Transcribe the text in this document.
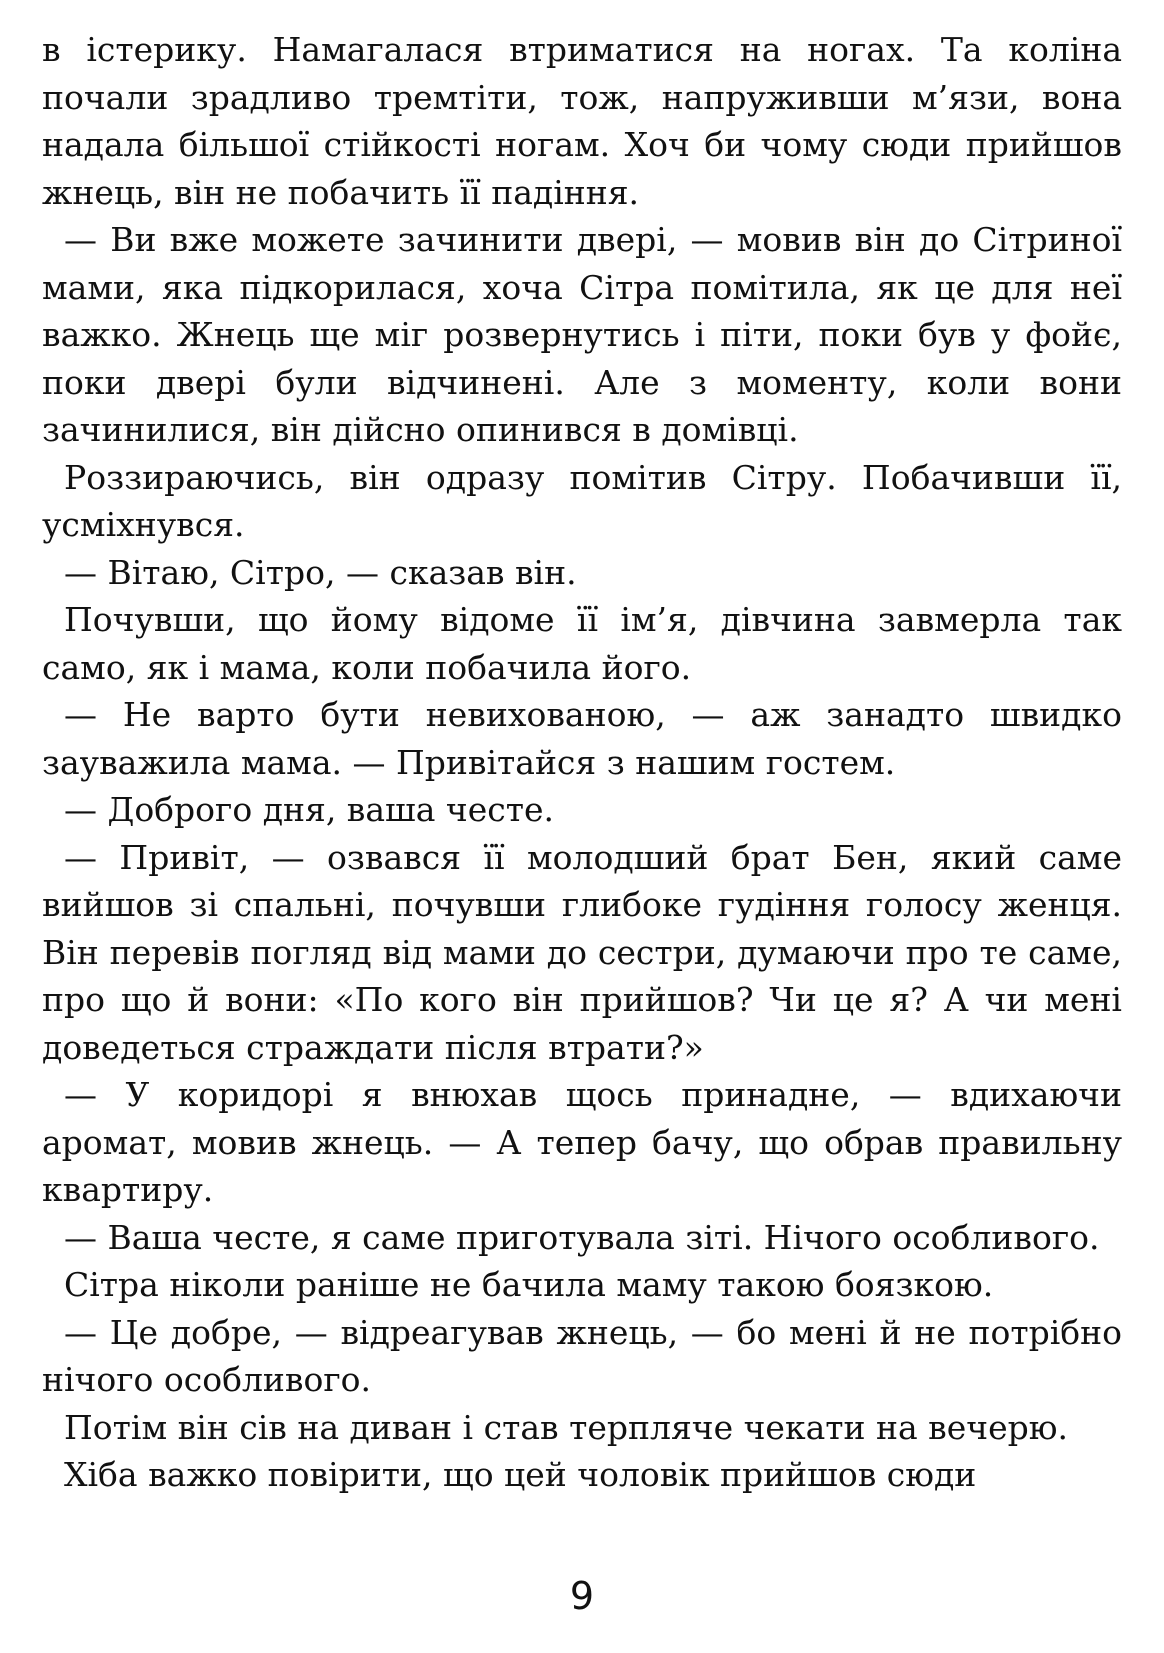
в істерику. Намагалася втриматися на ногах. Та коліна почали зрадливо тремтіти, тож, напруживши м’язи, вона надала більшої стійкості ногам. Хоч би чому сюди прийшов жнець, він не побачить її падіння.

— Ви вже можете зачинити двері, — мовив він до Сітриної мами, яка підкорилася, хоча Сітра помітила, як це для неї важко. Жнець ще міг розвернутись і піти, поки був у фойє, поки двері були відчинені. Але з моменту, коли вони зачинилися, він дійсно опинився в домівці.

Роззираючись, він одразу помітив Сітру. Побачивши її, усміхнувся.

— Вітаю, Сітро, — сказав він.

Почувши, що йому відоме її ім’я, дівчина завмерла так само, як і мама, коли побачила його.

— Не варто бути невихованою, — аж занадто швидко зауважила мама. — Привітайся з нашим гостем.

— Доброго дня, ваша честе.

— Привіт, — озвався її молодший брат Бен, який саме вийшов зі спальні, почувши глибоке гудіння голосу женця. Він перевів погляд від мами до сестри, думаючи про те саме, про що й вони: «По кого він прийшов? Чи це я? А чи мені доведеться страждати після втрати?»

— У коридорі я внюхав щось принадне, — вдихаючи аромат, мовив жнець. — А тепер бачу, що обрав правильну квартиру.

— Ваша честе, я саме приготувала зіті. Нічого особливого.

Сітра ніколи раніше не бачила маму такою боязкою.

— Це добре, — відреагував жнець, — бо мені й не потрібно нічого особливого.

Потім він сів на диван і став терпляче чекати на вечерю.

Хіба важко повірити, що цей чоловік прийшов сюди

9
